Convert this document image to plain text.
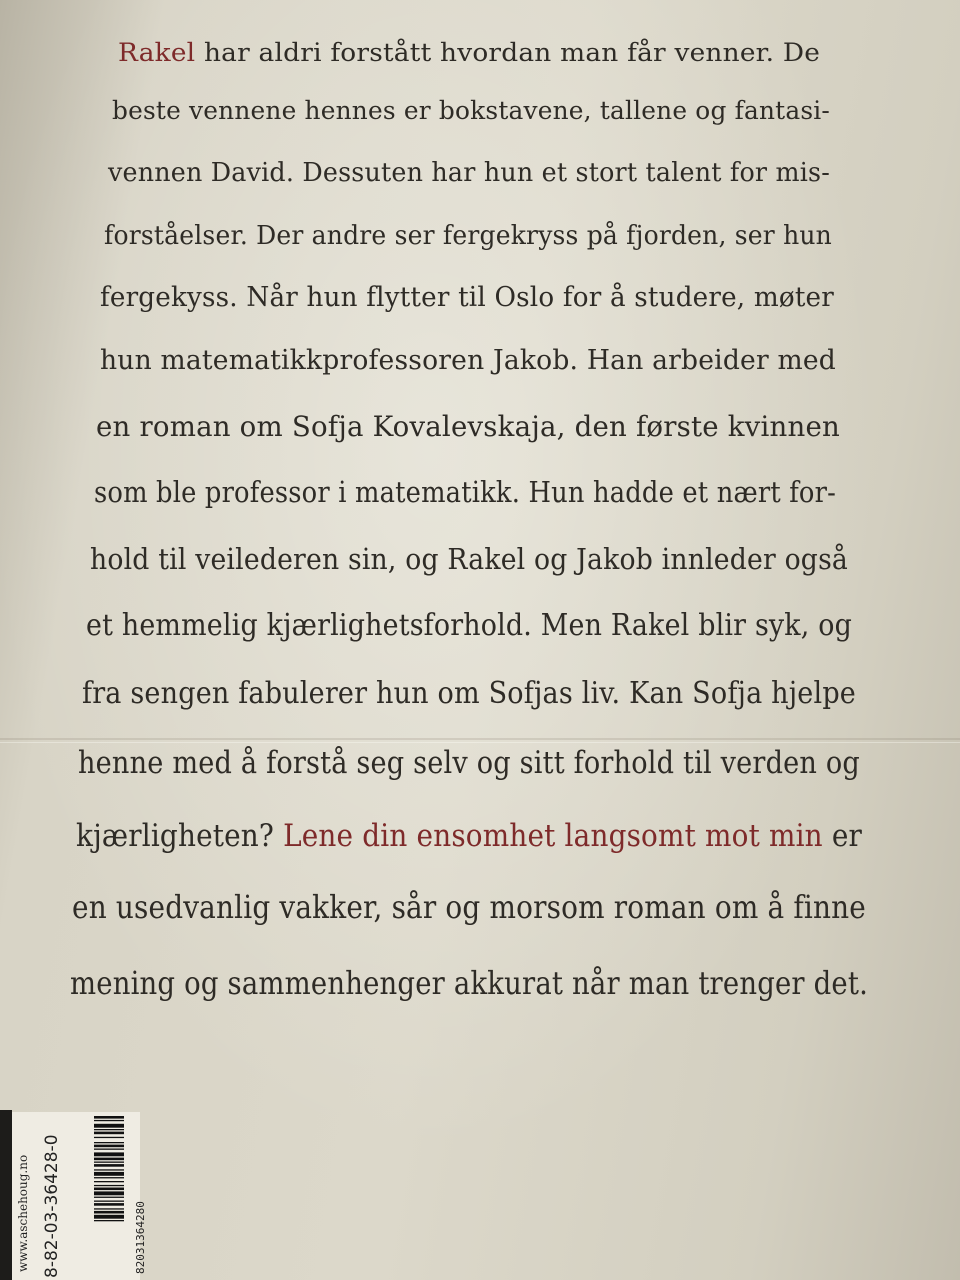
Rakel har aldri forstått hvordan man får venner. De
beste vennene hennes er bokstavene, tallene og fantasi-
vennen David. Dessuten har hun et stort talent for mis-
forståelser. Der andre ser fergekryss på fjorden, ser hun
fergekyss. Når hun flytter til Oslo for å studere, møter
hun matematikkprofessoren Jakob. Han arbeider med
en roman om Sofja Kovalevskaja, den første kvinnen
som ble professor i matematikk. Hun hadde et nært for-
hold til veilederen sin, og Rakel og Jakob innleder også
et hemmelig kjærlighetsforhold. Men Rakel blir syk, og
fra sengen fabulerer hun om Sofjas liv. Kan Sofja hjelpe
henne med å forstå seg selv og sitt forhold til verden og
kjærligheten? Lene din ensomhet langsomt mot min er
en usedvanlig vakker, sår og morsom roman om å finne
mening og sammenhenger akkurat når man trenger det.
www.aschehoug.no 8-82-03-36428-0	82031364280
